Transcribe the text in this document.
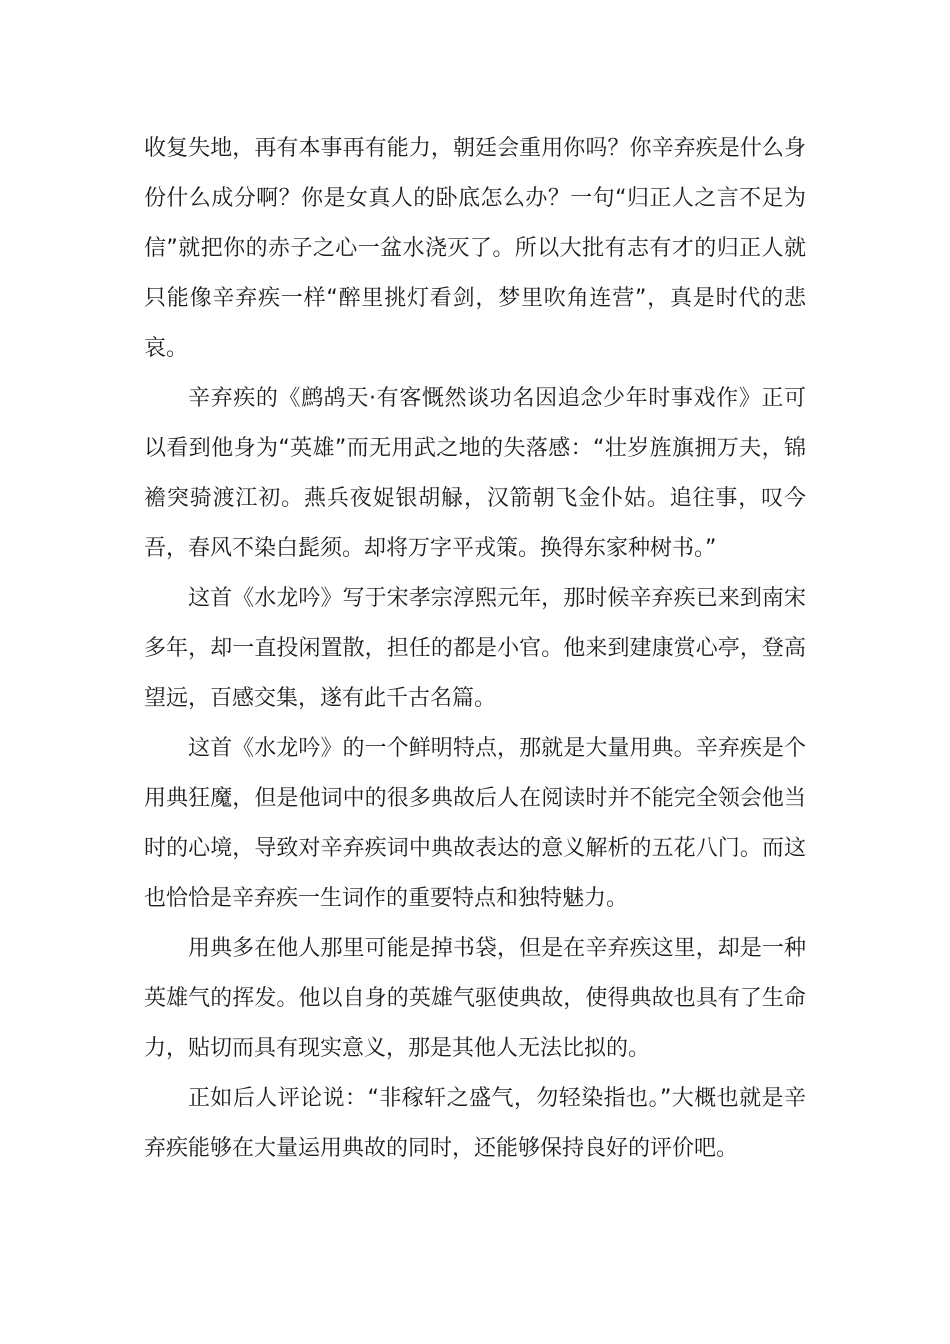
收复失地，再有本事再有能力，朝廷会重用你吗？你辛弃疾是什么身份什么成分啊？你是女真人的卧底怎么办？一句“归正人之言不足为信”就把你的赤子之心一盆水浇灭了。所以大批有志有才的归正人就只能像辛弃疾一样“醉里挑灯看剑，梦里吹角连营”，真是时代的悲哀。

辛弃疾的《鹧鸪天·有客慨然谈功名因追念少年时事戏作》正可以看到他身为“英雄”而无用武之地的失落感：“壮岁旌旗拥万夫，锦襜突骑渡江初。燕兵夜娖银胡觮，汉箭朝飞金仆姑。追往事，叹今吾，春风不染白髭须。却将万字平戎策。换得东家种树书。”

这首《水龙吟》写于宋孝宗淳熙元年，那时候辛弃疾已来到南宋多年，却一直投闲置散，担任的都是小官。他来到建康赏心亭，登高望远，百感交集，遂有此千古名篇。

这首《水龙吟》的一个鲜明特点，那就是大量用典。辛弃疾是个用典狂魔，但是他词中的很多典故后人在阅读时并不能完全领会他当时的心境，导致对辛弃疾词中典故表达的意义解析的五花八门。而这也恰恰是辛弃疾一生词作的重要特点和独特魅力。

用典多在他人那里可能是掉书袋，但是在辛弃疾这里，却是一种英雄气的挥发。他以自身的英雄气驱使典故，使得典故也具有了生命力，贴切而具有现实意义，那是其他人无法比拟的。

正如后人评论说：“非稼轩之盛气，勿轻染指也。”大概也就是辛弃疾能够在大量运用典故的同时，还能够保持良好的评价吧。
